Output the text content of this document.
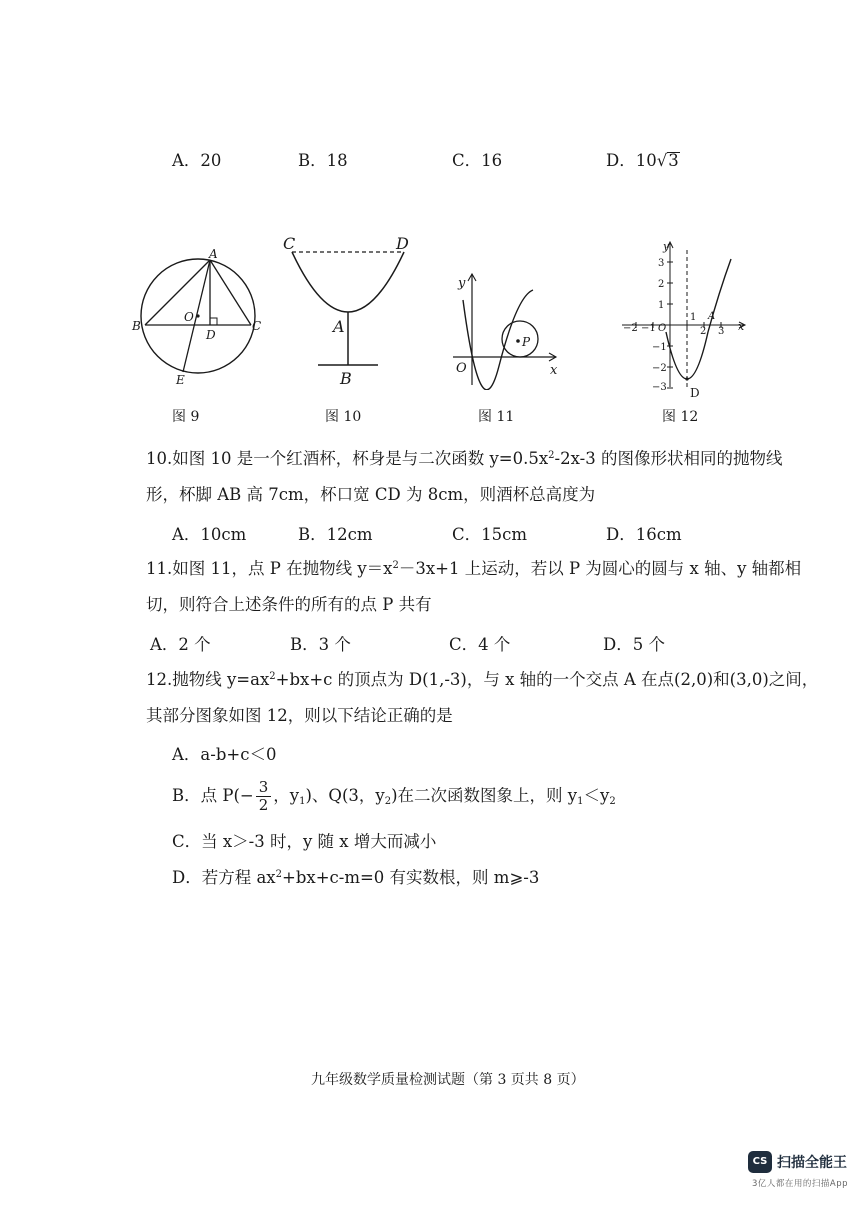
A．20	B．18	C．16	D．10√3
A
B	C
D
E
O
图 9
C	D
A
B
图 10
y
x
O
P
图 11
y
x
O
A
D
−2 −1
1
2 3
3
2
1
−1
−2
−3
图 12
10.如图 10 是一个红酒杯，杯身是与二次函数 $y=0.5x^2-2x-3$ 的图像形状相同的抛物线
形，杯脚 AB 高 7cm，杯口宽 CD 为 8cm，则酒杯总高度为
A．10cm	B．12cm	C．15cm	D．16cm
11.如图 11，点 P 在抛物线 $y=x^2-3x+1$ 上运动，若以 P 为圆心的圆与 x 轴、y 轴都相
切，则符合上述条件的所有的点 P 共有
A．2 个	B．3 个	C．4 个	D．5 个
12.抛物线 $y=ax^2+bx+c$ 的顶点为 D(1,-3)，与 x 轴的一个交点 A 在点(2,0)和(3,0)之间，
其部分图象如图 12，则以下结论正确的是
A．a-b+c＜0
B．点 $P(- \frac{3}{2}$ ，$y_1$)、Q(3，$y_2$)在二次函数图象上，则 $y_1<y_2$
C．当 x＞-3 时，y 随 x 增大而减小
D．若方程 $ax^2+bx+c-m=0$ 有实数根，则 m⩾-3
九年级数学质量检测试题（第 3 页共 8 页）
CS 扫描全能王
3亿人都在用的扫描App
